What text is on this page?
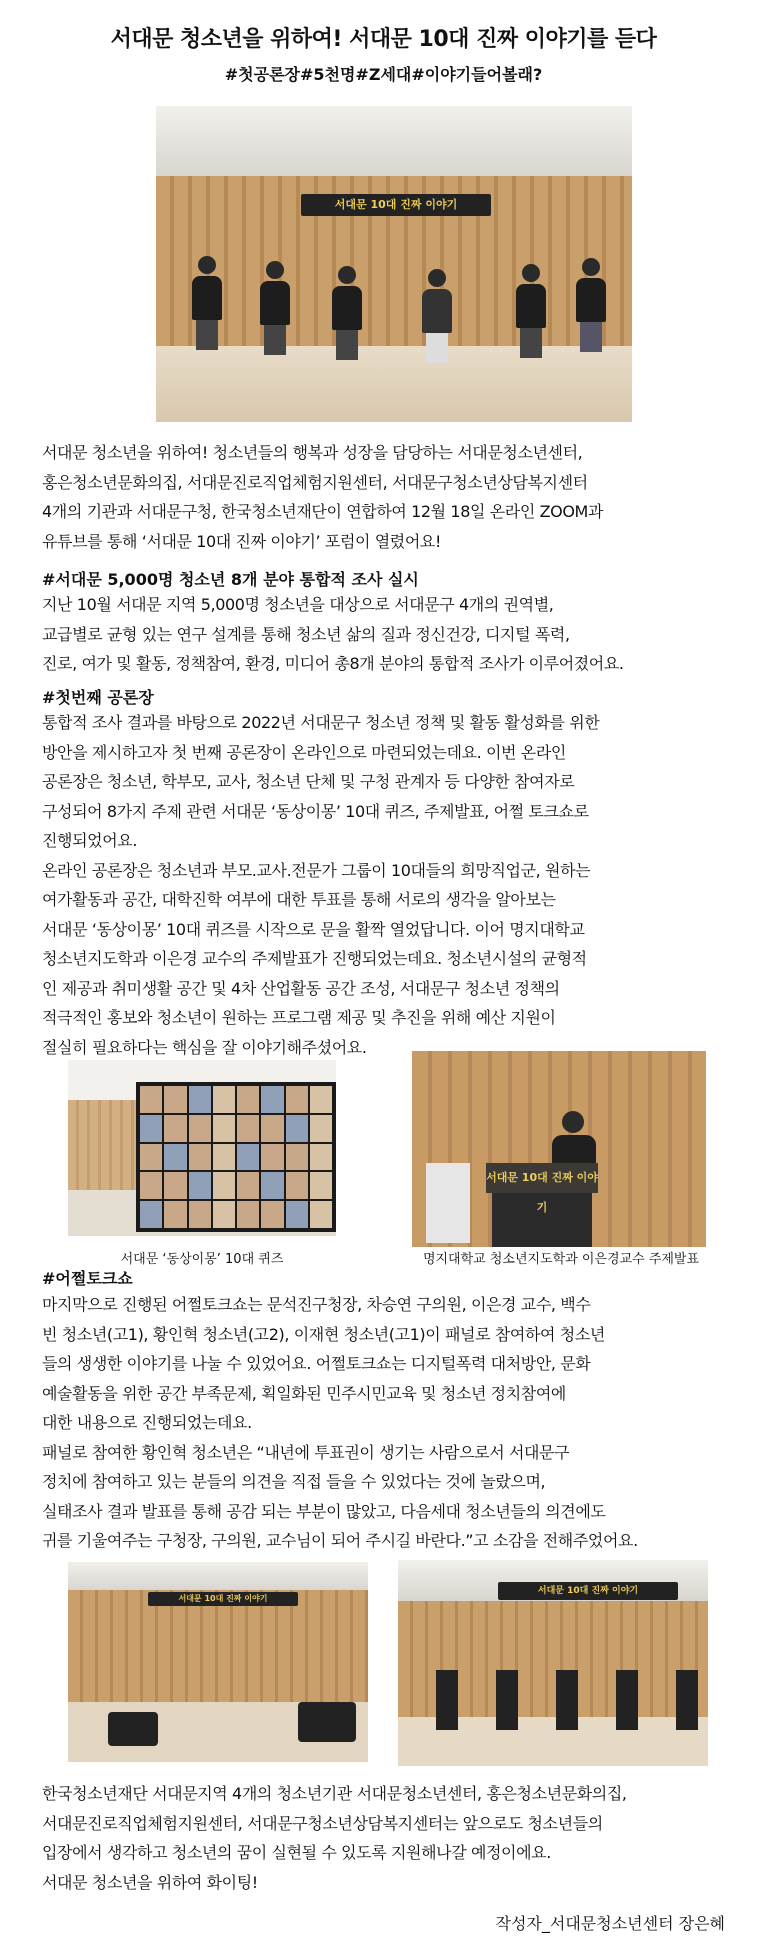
서대문 청소년을 위하여! 서대문 10대 진짜 이야기를 듣다
#첫공론장#5천명#Z세대#이야기들어볼래?
서대문 10대 진짜 이야기
서대문 청소년을 위하여! 청소년들의 행복과 성장을 담당하는 서대문청소년센터,
홍은청소년문화의집, 서대문진로직업체험지원센터, 서대문구청소년상담복지센터
4개의 기관과 서대문구청, 한국청소년재단이 연합하여 12월 18일 온라인 ZOOM과
유튜브를 통해 ‘서대문 10대 진짜 이야기’ 포럼이 열렸어요!
#서대문 5,000명 청소년 8개 분야 통합적 조사 실시
지난 10월 서대문 지역 5,000명 청소년을 대상으로 서대문구 4개의 권역별,
교급별로 균형 있는 연구 설계를 통해 청소년 삶의 질과 정신건강, 디지털 폭력,
진로, 여가 및 활동, 정책참여, 환경, 미디어 총8개 분야의 통합적 조사가 이루어졌어요.
#첫번째 공론장
통합적 조사 결과를 바탕으로 2022년 서대문구 청소년 정책 및 활동 활성화를 위한
방안을 제시하고자 첫 번째 공론장이 온라인으로 마련되었는데요. 이번 온라인
공론장은 청소년, 학부모, 교사, 청소년 단체 및 구청 관계자 등 다양한 참여자로
구성되어 8가지 주제 관련 서대문 ‘동상이몽’ 10대 퀴즈, 주제발표, 어쩔 토크쇼로
진행되었어요.
온라인 공론장은 청소년과 부모.교사.전문가 그룹이 10대들의 희망직업군, 원하는
여가활동과 공간, 대학진학 여부에 대한 투표를 통해 서로의 생각을 알아보는
서대문 ‘동상이몽’ 10대 퀴즈를 시작으로 문을 활짝 열었답니다. 이어 명지대학교
청소년지도학과 이은경 교수의 주제발표가 진행되었는데요. 청소년시설의 균형적
인 제공과 취미생활 공간 및 4차 산업활동 공간 조성, 서대문구 청소년 정책의
적극적인 홍보와 청소년이 원하는 프로그램 제공 및 추진을 위해 예산 지원이
절실히 필요하다는 핵심을 잘 이야기해주셨어요.
서대문 ‘동상이몽’ 10대 퀴즈
서대문 10대 진짜 이야기
명지대학교 청소년지도학과 이은경교수 주제발표
#어쩔토크쇼
마지막으로 진행된 어쩔토크쇼는 문석진구청장, 차승연 구의원, 이은경 교수, 백수
빈 청소년(고1), 황인혁 청소년(고2), 이재현 청소년(고1)이 패널로 참여하여 청소년
들의 생생한 이야기를 나눌 수 있었어요. 어쩔토크쇼는 디지털폭력 대처방안, 문화
예술활동을 위한 공간 부족문제, 획일화된 민주시민교육 및 청소년 정치참여에
대한 내용으로 진행되었는데요.
패널로 참여한 황인혁 청소년은 “내년에 투표권이 생기는 사람으로서 서대문구
정치에 참여하고 있는 분들의 의견을 직접 들을 수 있었다는 것에 놀랐으며,
실태조사 결과 발표를 통해 공감 되는 부분이 많았고, 다음세대 청소년들의 의견에도
귀를 기울여주는 구청장, 구의원, 교수님이 되어 주시길 바란다.”고 소감을 전해주었어요.
서대문 10대 진짜 이야기
서대문 10대 진짜 이야기
한국청소년재단 서대문지역 4개의 청소년기관 서대문청소년센터, 홍은청소년문화의집,
서대문진로직업체험지원센터, 서대문구청소년상담복지센터는 앞으로도 청소년들의
입장에서 생각하고 청소년의 꿈이 실현될 수 있도록 지원해나갈 예정이에요.
서대문 청소년을 위하여 화이팅!
작성자_서대문청소년센터 장은혜
